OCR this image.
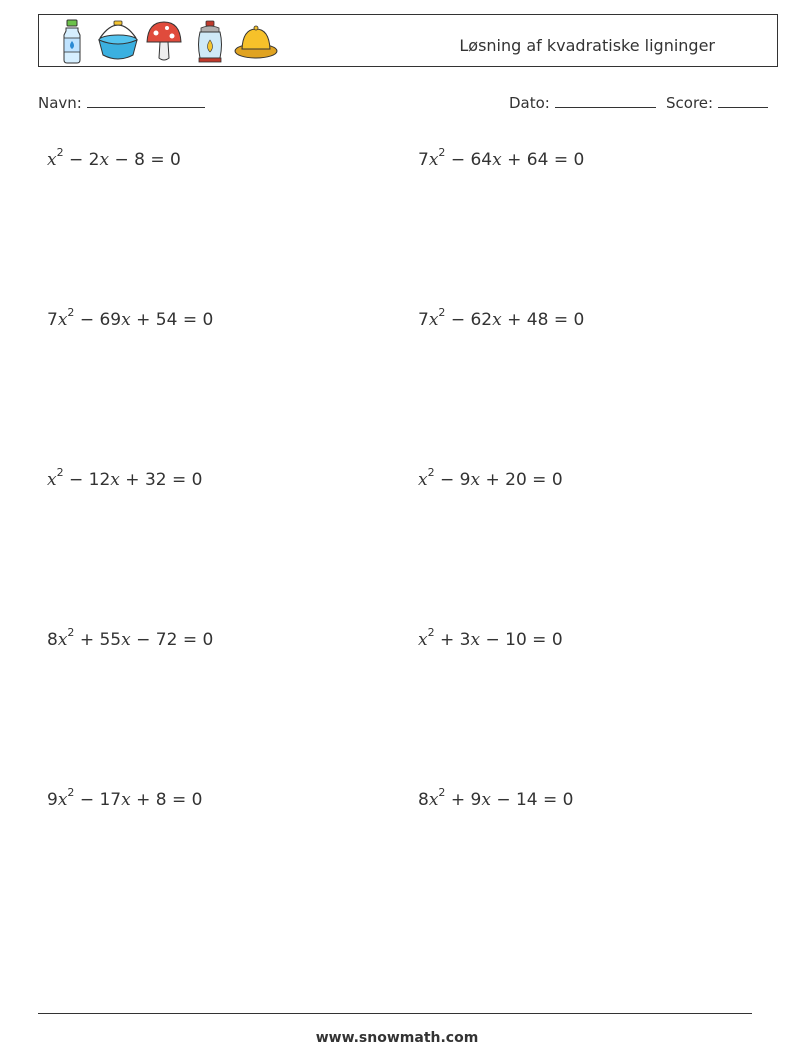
Løsning af kvadratiske ligninger
Navn:	Dato:	Score:
$x^2 - 2x - 8 = 0$	$7x^2 - 64x + 64 = 0$
$7x^2 - 69x + 54 = 0$	$7x^2 - 62x + 48 = 0$
$x^2 - 12x + 32 = 0$	$x^2 - 9x + 20 = 0$
$8x^2 + 55x - 72 = 0$	$x^2 + 3x - 10 = 0$
$9x^2 - 17x + 8 = 0$	$8x^2 + 9x - 14 = 0$
www.snowmath.com
